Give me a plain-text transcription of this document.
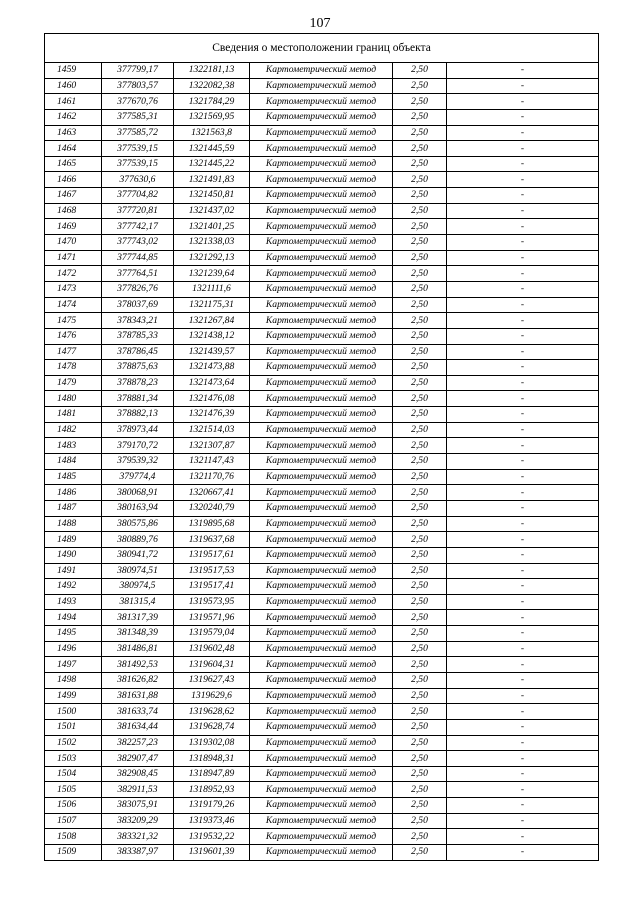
107
Сведения о местоположении границ объекта					
1459	377799,17	1322181,13	Картометрический метод	2,50	-
1460	377803,57	1322082,38	Картометрический метод	2,50	-
1461	377670,76	1321784,29	Картометрический метод	2,50	-
1462	377585,31	1321569,95	Картометрический метод	2,50	-
1463	377585,72	1321563,8	Картометрический метод	2,50	-
1464	377539,15	1321445,59	Картометрический метод	2,50	-
1465	377539,15	1321445,22	Картометрический метод	2,50	-
1466	377630,6	1321491,83	Картометрический метод	2,50	-
1467	377704,82	1321450,81	Картометрический метод	2,50	-
1468	377720,81	1321437,02	Картометрический метод	2,50	-
1469	377742,17	1321401,25	Картометрический метод	2,50	-
1470	377743,02	1321338,03	Картометрический метод	2,50	-
1471	377744,85	1321292,13	Картометрический метод	2,50	-
1472	377764,51	1321239,64	Картометрический метод	2,50	-
1473	377826,76	1321111,6	Картометрический метод	2,50	-
1474	378037,69	1321175,31	Картометрический метод	2,50	-
1475	378343,21	1321267,84	Картометрический метод	2,50	-
1476	378785,33	1321438,12	Картометрический метод	2,50	-
1477	378786,45	1321439,57	Картометрический метод	2,50	-
1478	378875,63	1321473,88	Картометрический метод	2,50	-
1479	378878,23	1321473,64	Картометрический метод	2,50	-
1480	378881,34	1321476,08	Картометрический метод	2,50	-
1481	378882,13	1321476,39	Картометрический метод	2,50	-
1482	378973,44	1321514,03	Картометрический метод	2,50	-
1483	379170,72	1321307,87	Картометрический метод	2,50	-
1484	379539,32	1321147,43	Картометрический метод	2,50	-
1485	379774,4	1321170,76	Картометрический метод	2,50	-
1486	380068,91	1320667,41	Картометрический метод	2,50	-
1487	380163,94	1320240,79	Картометрический метод	2,50	-
1488	380575,86	1319895,68	Картометрический метод	2,50	-
1489	380889,76	1319637,68	Картометрический метод	2,50	-
1490	380941,72	1319517,61	Картометрический метод	2,50	-
1491	380974,51	1319517,53	Картометрический метод	2,50	-
1492	380974,5	1319517,41	Картометрический метод	2,50	-
1493	381315,4	1319573,95	Картометрический метод	2,50	-
1494	381317,39	1319571,96	Картометрический метод	2,50	-
1495	381348,39	1319579,04	Картометрический метод	2,50	-
1496	381486,81	1319602,48	Картометрический метод	2,50	-
1497	381492,53	1319604,31	Картометрический метод	2,50	-
1498	381626,82	1319627,43	Картометрический метод	2,50	-
1499	381631,88	1319629,6	Картометрический метод	2,50	-
1500	381633,74	1319628,62	Картометрический метод	2,50	-
1501	381634,44	1319628,74	Картометрический метод	2,50	-
1502	382257,23	1319302,08	Картометрический метод	2,50	-
1503	382907,47	1318948,31	Картометрический метод	2,50	-
1504	382908,45	1318947,89	Картометрический метод	2,50	-
1505	382911,53	1318952,93	Картометрический метод	2,50	-
1506	383075,91	1319179,26	Картометрический метод	2,50	-
1507	383209,29	1319373,46	Картометрический метод	2,50	-
1508	383321,32	1319532,22	Картометрический метод	2,50	-
1509	383387,97	1319601,39	Картометрический метод	2,50	-
